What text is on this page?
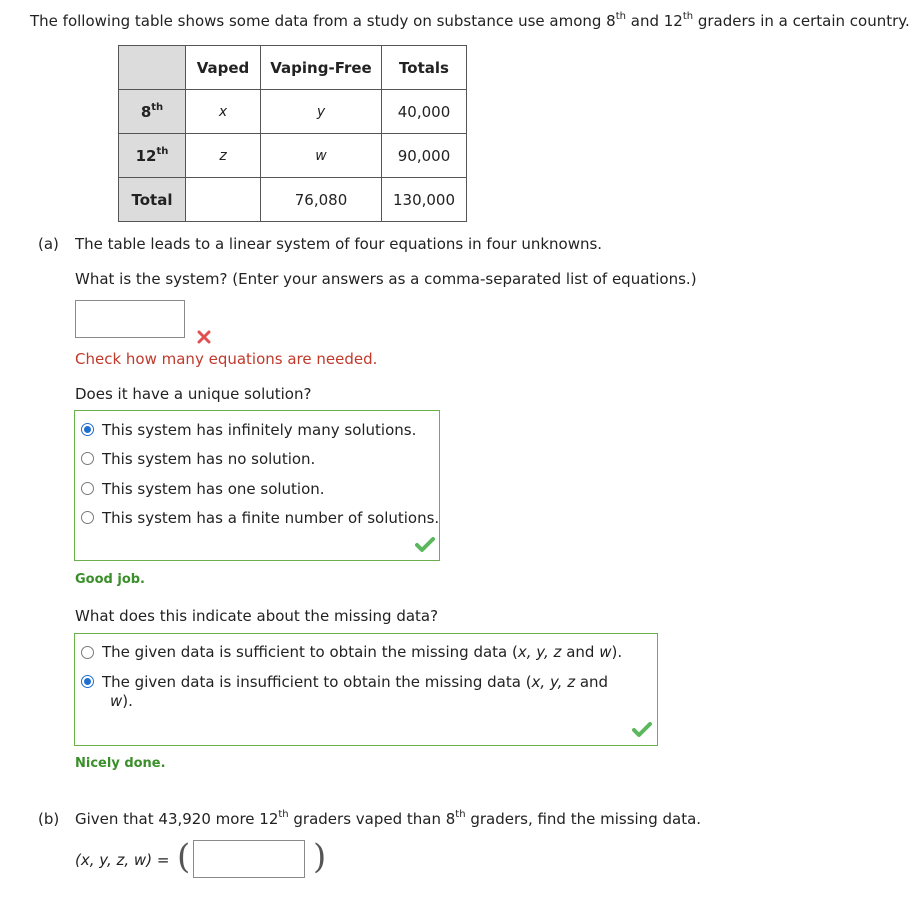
The following table shows some data from a study on substance use among 8th and 12th graders in a certain country.
	Vaped	Vaping-Free	Totals
8th	x	y	40,000
12th	z	w	90,000
Total		76,080	130,000
(a) The table leads to a linear system of four equations in four unknowns.
What is the system? (Enter your answers as a comma-separated list of equations.)
Check how many equations are needed.
Does it have a unique solution?
This system has infinitely many solutions.
This system has no solution.
This system has one solution.
This system has a finite number of solutions.
Good job.
What does this indicate about the missing data?
The given data is sufficient to obtain the missing data (x, y, z and w).
The given data is insufficient to obtain the missing data (x, y, z and
w).
Nicely done.
(b) Given that 43,920 more 12th graders vaped than 8th graders, find the missing data.
(x, y, z, w) = (	)
